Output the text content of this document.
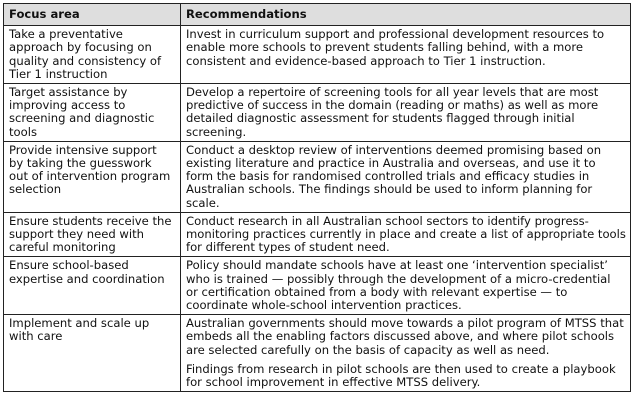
Focus area	Recommendations
Take a preventative approach by focusing on quality and consistency of Tier 1 instruction	Invest in curriculum support and professional development resources to enable more schools to prevent students falling behind, with a more consistent and evidence-based approach to Tier 1 instruction.

Target assistance by improving access to screening and diagnostic tools	Develop a repertoire of screening tools for all year levels that are most predictive of success in the domain (reading or maths) as well as more detailed diagnostic assessment for students flagged through initial screening.

Provide intensive support by taking the guesswork out of intervention program selection	Conduct a desktop review of interventions deemed promising based on existing literature and practice in Australia and overseas, and use it to form the basis for randomised controlled trials and efficacy studies in Australian schools. The findings should be used to inform planning for scale.

Ensure students receive the support they need with careful monitoring	Conduct research in all Australian school sectors to identify progress-monitoring practices currently in place and create a list of appropriate tools for different types of student need.

Ensure school-based expertise and coordination	Policy should mandate schools have at least one ‘intervention specialist’ who is trained — possibly through the development of a micro-credential or certification obtained from a body with relevant expertise — to coordinate whole-school intervention practices.

Implement and scale up with care	Australian governments should move towards a pilot program of MTSS that embeds all the enabling factors discussed above, and where pilot schools are selected carefully on the basis of capacity as well as need.

Findings from research in pilot schools are then used to create a playbook for school improvement in effective MTSS delivery.
